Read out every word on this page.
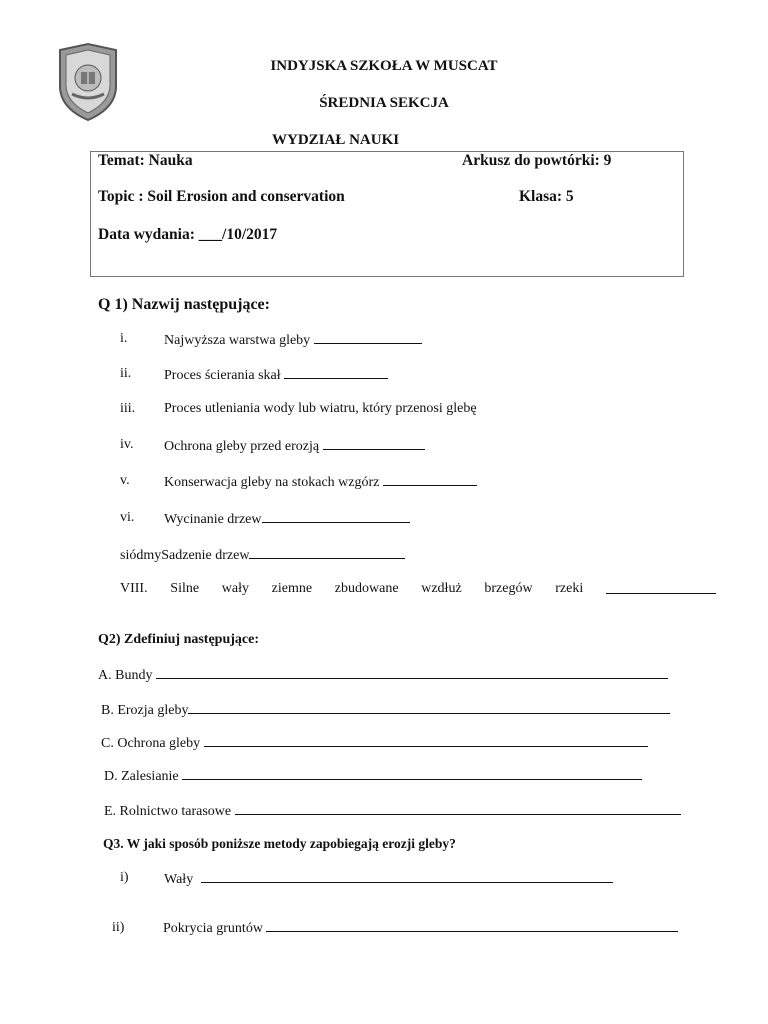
INDYJSKA SZKOŁA W MUSCAT
ŚREDNIA SEKCJA
WYDZIAŁ NAUKI
Temat: Nauka	Arkusz do powtórki: 9
Topic : Soil Erosion and conservation	Klasa: 5
Data wydania: ___/10/2017
Q 1) Nazwij następujące:
i.	Najwyższa warstwa gleby
ii. Proces ścierania skał
iii. Proces utleniania wody lub wiatru, który przenosi glebę
iv. Ochrona gleby przed erozją
v. Konserwacja gleby na stokach wzgórz
vi. Wycinanie drzew
siódmySadzenie drzew
VIII. Silne wały ziemne zbudowane wzdłuż brzegów rzeki
Q2) Zdefiniuj następujące:
A. Bundy
B. Erozja gleby
C. Ochrona gleby
D. Zalesianie
E. Rolnictwo tarasowe
Q3. W jaki sposób poniższe metody zapobiegają erozji gleby?
i)	Wały
ii)	Pokrycia gruntów
